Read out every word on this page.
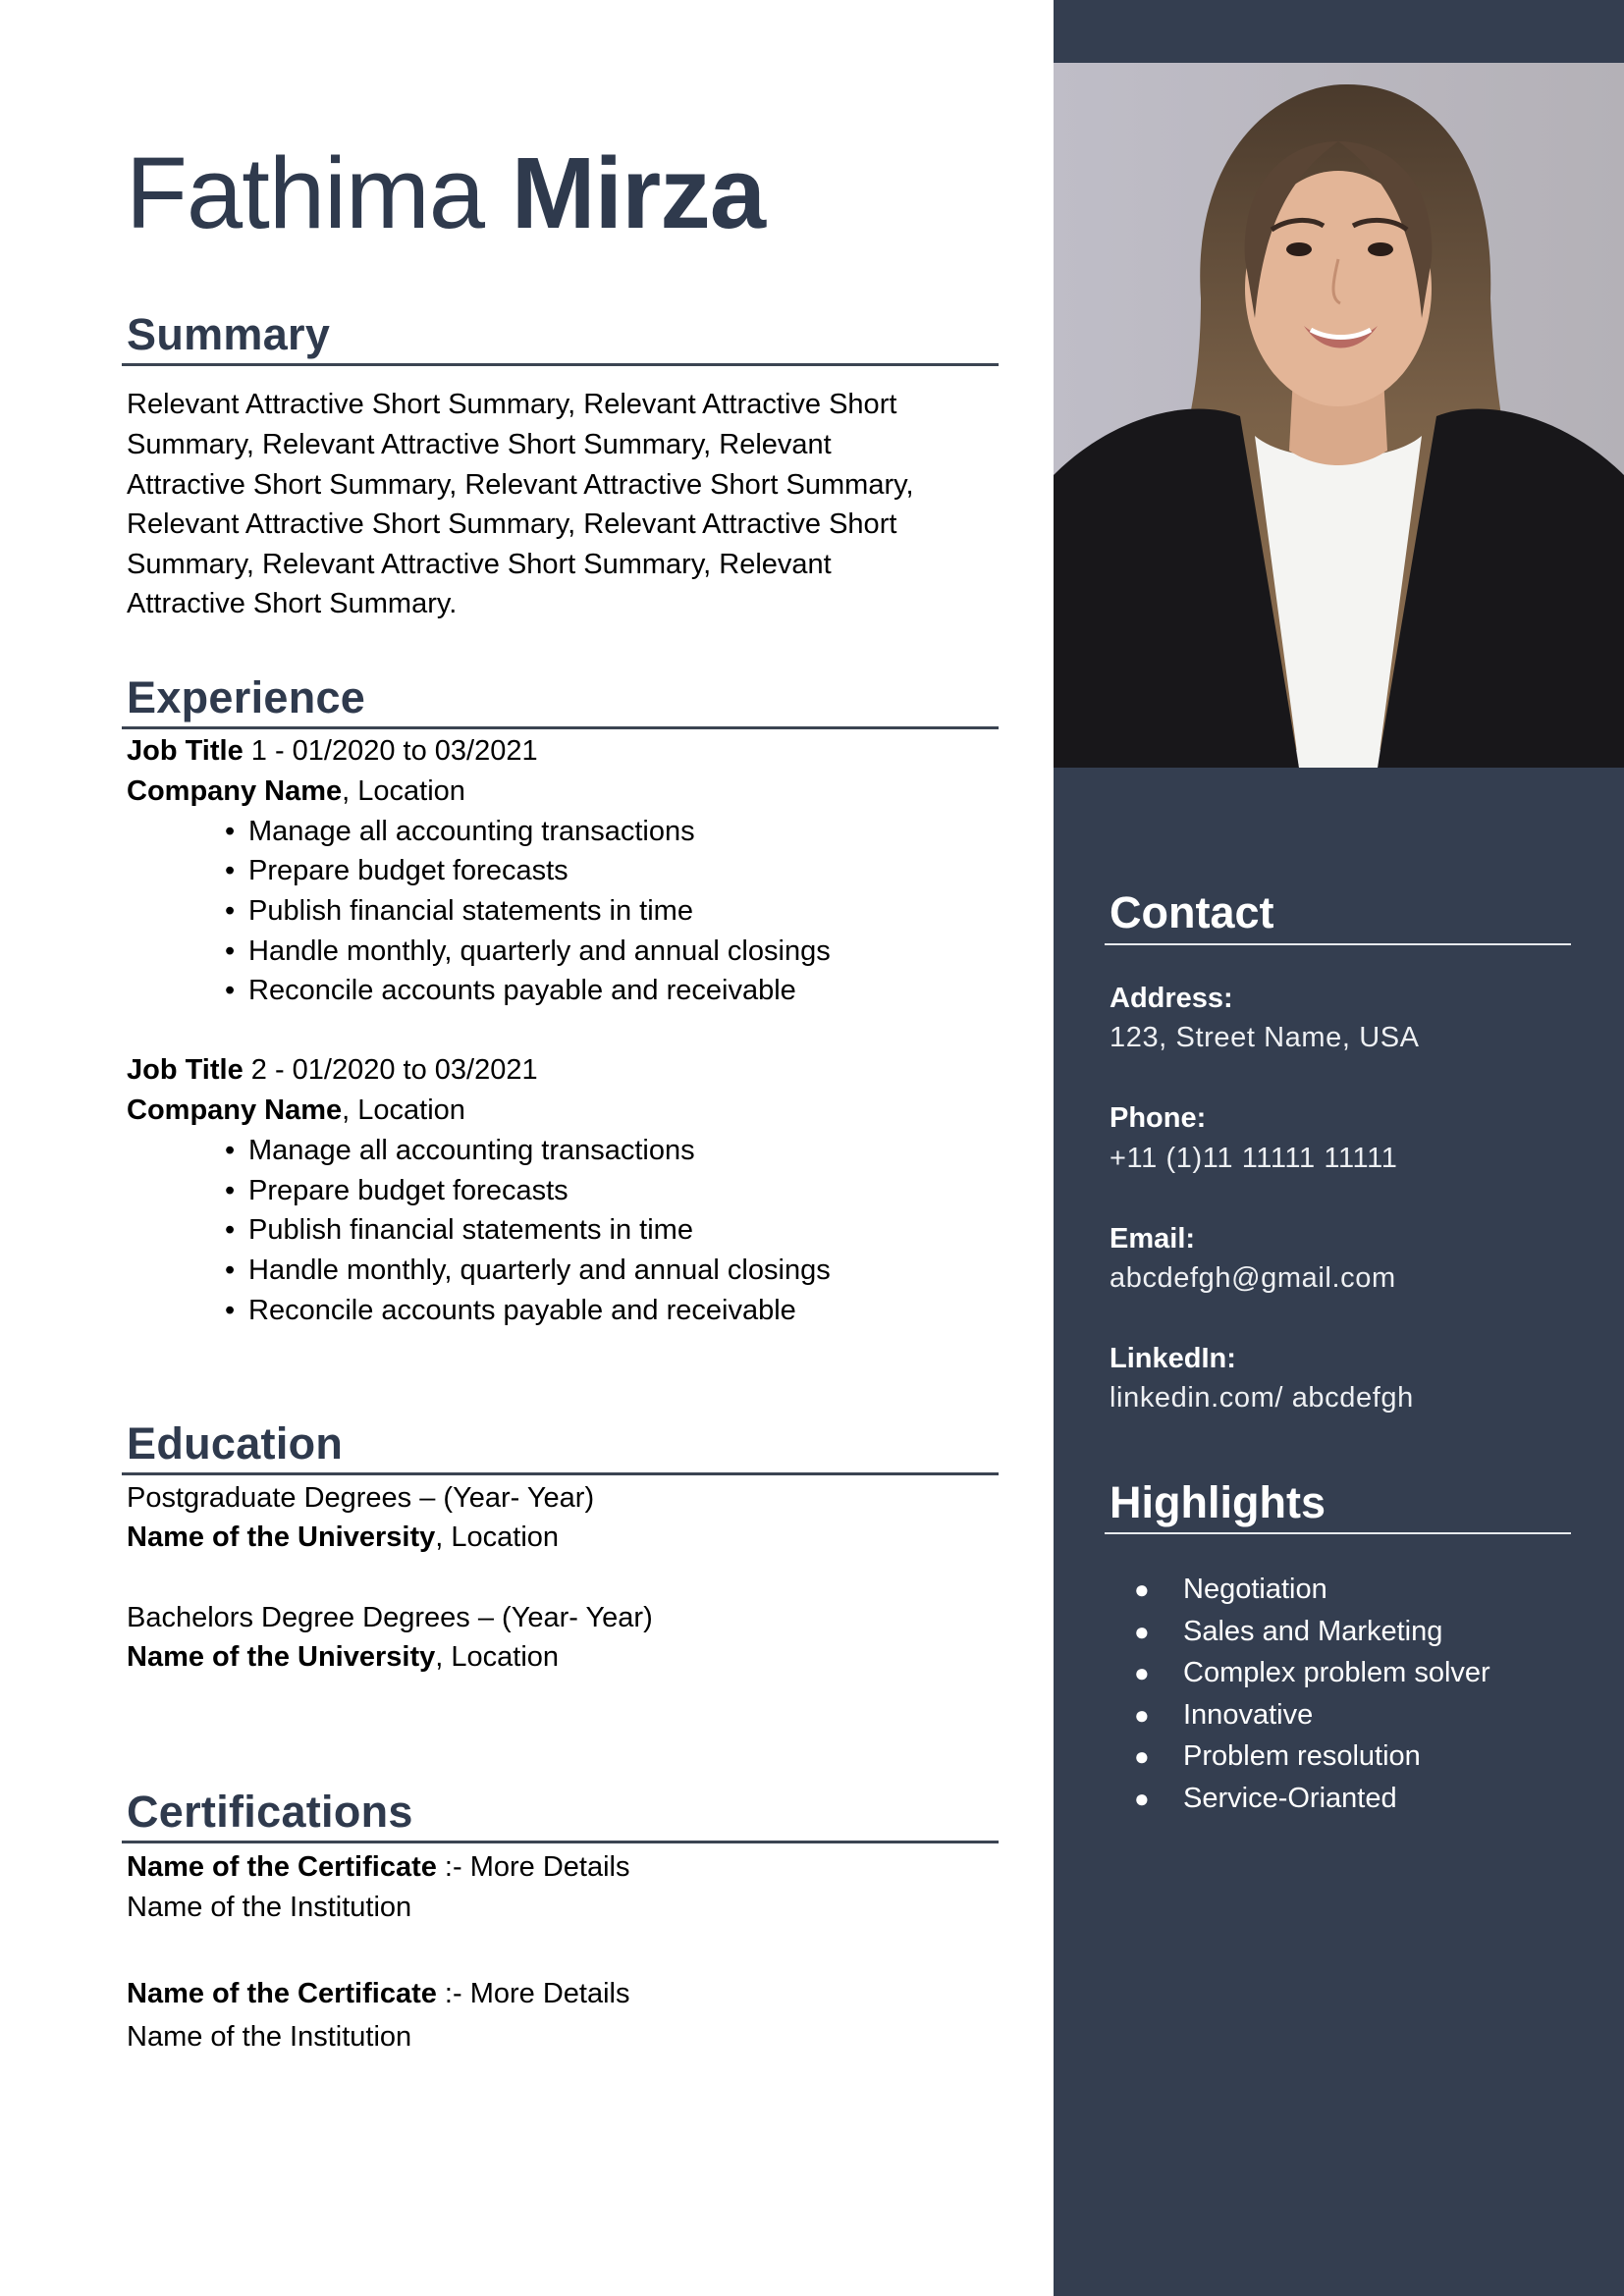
Fathima Mirza
Summary
Relevant Attractive Short Summary, Relevant Attractive Short
Summary, Relevant Attractive Short Summary, Relevant
Attractive Short Summary, Relevant Attractive Short Summary,
Relevant Attractive Short Summary, Relevant Attractive Short
Summary, Relevant Attractive Short Summary, Relevant
Attractive Short Summary.
Experience
Job Title 1 - 01/2020 to 03/2021
Company Name, Location
• Manage all accounting transactions
• Prepare budget forecasts
• Publish financial statements in time
• Handle monthly, quarterly and annual closings
• Reconcile accounts payable and receivable
Job Title 2 - 01/2020 to 03/2021
Company Name, Location
• Manage all accounting transactions
• Prepare budget forecasts
• Publish financial statements in time
• Handle monthly, quarterly and annual closings
• Reconcile accounts payable and receivable
Education
Postgraduate Degrees – (Year- Year)
Name of the University, Location
Bachelors Degree Degrees – (Year- Year)
Name of the University, Location
Certifications
Name of the Certificate :- More Details
Name of the Institution
Name of the Certificate :- More Details
Name of the Institution
Contact
Address:
123, Street Name, USA
Phone:
+11 (1)11 11111 11111
Email:
abcdefgh@gmail.com
LinkedIn:
linkedin.com/ abcdefgh
Highlights
● Negotiation
● Sales and Marketing
● Complex problem solver
● Innovative
● Problem resolution
● Service-Orianted
